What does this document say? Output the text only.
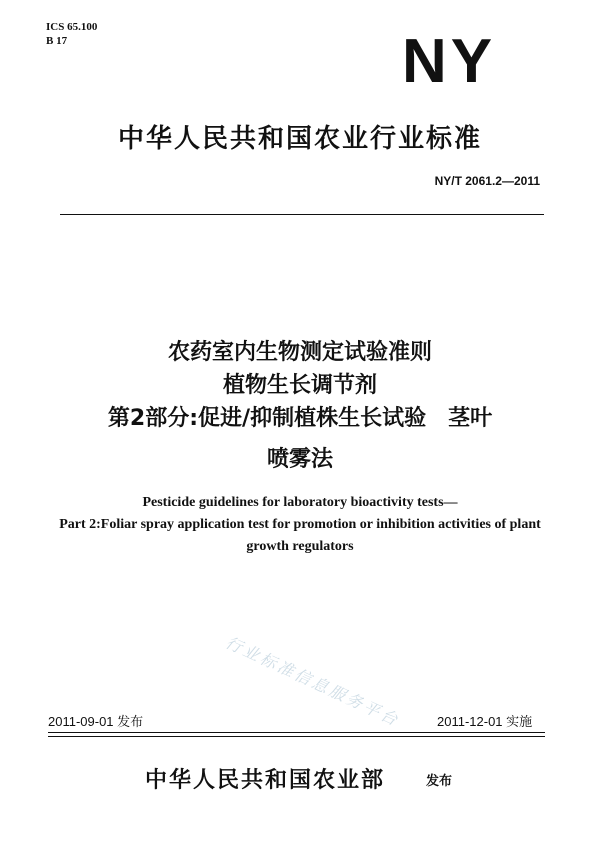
ICS 65.100
B 17	NY
中华人民共和国农业行业标准
NY/T 2061.2—2011
农药室内生物测定试验准则
植物生长调节剂
第2部分:促进/抑制植株生长试验　茎叶
喷雾法
Pesticide guidelines for laboratory bioactivity tests—
Part 2:Foliar spray application test for promotion or inhibition activities of plant
growth regulators
行业标准信息服务平台
2011-09-01 发布	2011-12-01 实施
中华人民共和国农业部	发布
